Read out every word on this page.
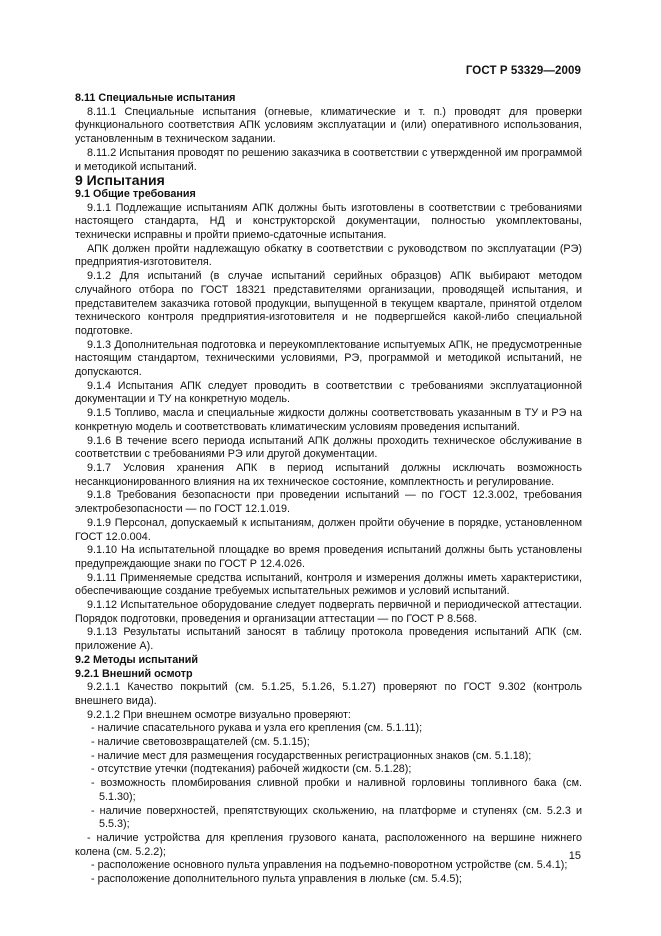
ГОСТ Р 53329—2009

8.11 Специальные испытания

8.11.1 Специальные испытания (огневые, климатические и т. п.) проводят для проверки функционального соответствия АПК условиям эксплуатации и (или) оперативного использования, установленным в техническом задании.

8.11.2 Испытания проводят по решению заказчика в соответствии с утвержденной им программой и методикой испытаний.

9 Испытания

9.1 Общие требования

9.1.1 Подлежащие испытаниям АПК должны быть изготовлены в соответствии с требованиями настоящего стандарта, НД и конструкторской документации, полностью укомплектованы, технически исправны и пройти приемо-сдаточные испытания.

АПК должен пройти надлежащую обкатку в соответствии с руководством по эксплуатации (РЭ) предприятия-изготовителя.

9.1.2 Для испытаний (в случае испытаний серийных образцов) АПК выбирают методом случайного отбора по ГОСТ 18321 представителями организации, проводящей испытания, и представителем заказчика готовой продукции, выпущенной в текущем квартале, принятой отделом технического контроля предприятия-изготовителя и не подвергшейся какой-либо специальной подготовке.

9.1.3 Дополнительная подготовка и переукомплектование испытуемых АПК, не предусмотренные настоящим стандартом, техническими условиями, РЭ, программой и методикой испытаний, не допускаются.

9.1.4 Испытания АПК следует проводить в соответствии с требованиями эксплуатационной документации и ТУ на конкретную модель.

9.1.5 Топливо, масла и специальные жидкости должны соответствовать указанным в ТУ и РЭ на конкретную модель и соответствовать климатическим условиям проведения испытаний.

9.1.6 В течение всего периода испытаний АПК должны проходить техническое обслуживание в соответствии с требованиями РЭ или другой документации.

9.1.7 Условия хранения АПК в период испытаний должны исключать возможность несанкционированного влияния на их техническое состояние, комплектность и регулирование.

9.1.8 Требования безопасности при проведении испытаний — по ГОСТ 12.3.002, требования электробезопасности — по ГОСТ 12.1.019.

9.1.9 Персонал, допускаемый к испытаниям, должен пройти обучение в порядке, установленном ГОСТ 12.0.004.

9.1.10 На испытательной площадке во время проведения испытаний должны быть установлены предупреждающие знаки по ГОСТ Р 12.4.026.

9.1.11 Применяемые средства испытаний, контроля и измерения должны иметь характеристики, обеспечивающие создание требуемых испытательных режимов и условий испытаний.

9.1.12 Испытательное оборудование следует подвергать первичной и периодической аттестации. Порядок подготовки, проведения и организации аттестации — по ГОСТ Р 8.568.

9.1.13 Результаты испытаний заносят в таблицу протокола проведения испытаний АПК (см. приложение А).

9.2 Методы испытаний

9.2.1 Внешний осмотр

9.2.1.1 Качество покрытий (см. 5.1.25, 5.1.26, 5.1.27) проверяют по ГОСТ 9.302 (контроль внешнего вида).

9.2.1.2 При внешнем осмотре визуально проверяют:

- наличие спасательного рукава и узла его крепления (см. 5.1.11);

- наличие световозвращателей (см. 5.1.15);

- наличие мест для размещения государственных регистрационных знаков (см. 5.1.18);

- отсутствие утечки (подтекания) рабочей жидкости (см. 5.1.28);

- возможность пломбирования сливной пробки и наливной горловины топливного бака (см. 5.1.30);

- наличие поверхностей, препятствующих скольжению, на платформе и ступенях (см. 5.2.3 и 5.5.3);

- наличие устройства для крепления грузового каната, расположенного на вершине нижнего колена (см. 5.2.2);

- расположение основного пульта управления на подъемно-поворотном устройстве (см. 5.4.1);

- расположение дополнительного пульта управления в люльке (см. 5.4.5);

15
